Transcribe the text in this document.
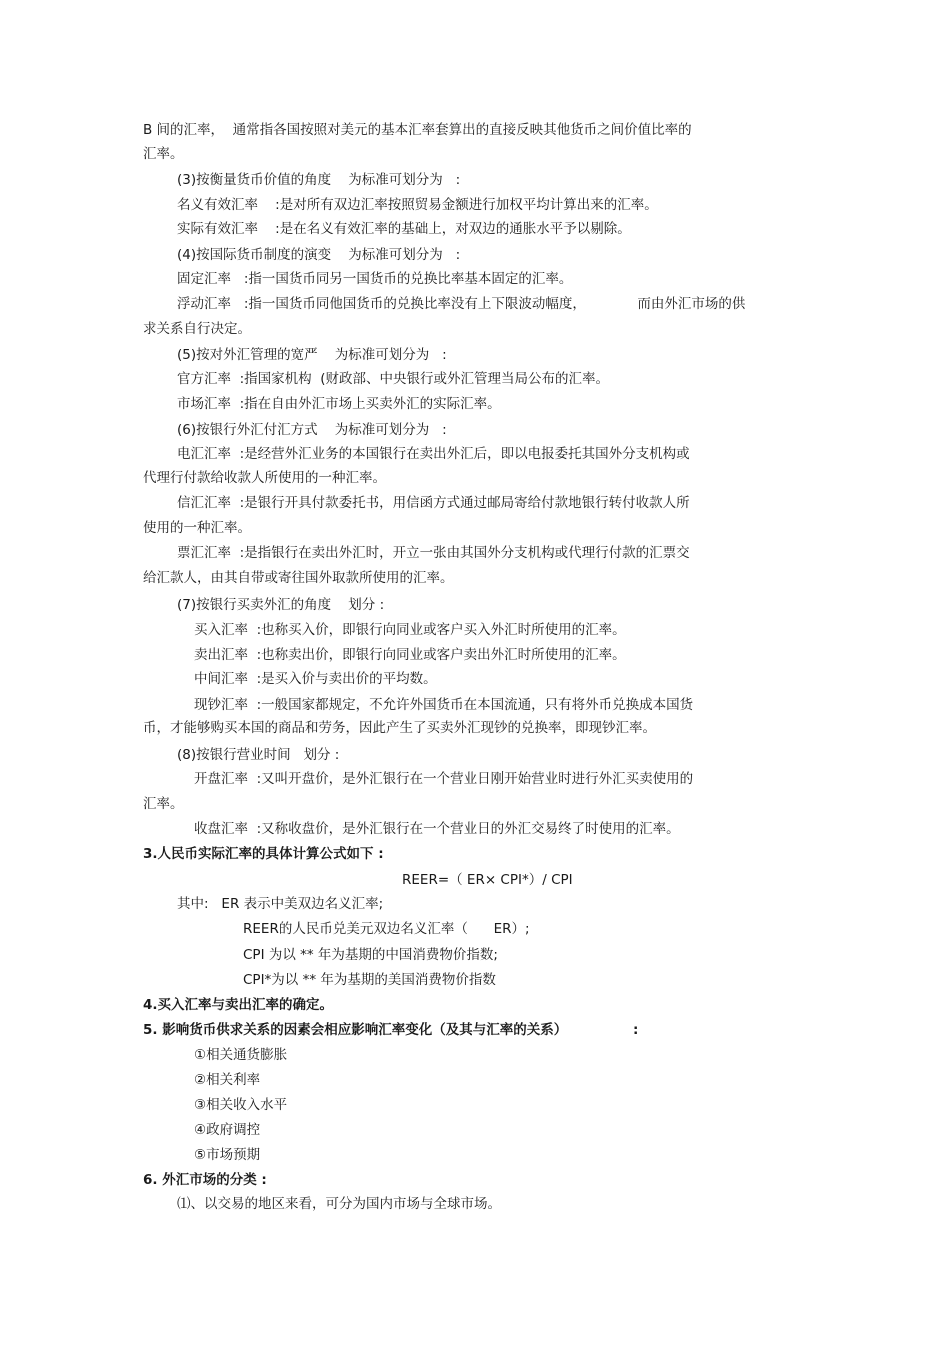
B 间的汇率，  通常指各国按照对美元的基本汇率套算出的直接反映其他货币之间价值比率的
汇率。
(3)按衡量货币价值的角度    为标准可划分为   :
名义有效汇率    :是对所有双边汇率按照贸易金额进行加权平均计算出来的汇率。
实际有效汇率    :是在名义有效汇率的基础上，对双边的通胀水平予以剔除。
(4)按国际货币制度的演变    为标准可划分为   :
固定汇率   :指一国货币同另一国货币的兑换比率基本固定的汇率。
浮动汇率   :指一国货币同他国货币的兑换比率没有上下限波动幅度，            而由外汇市场的供
求关系自行决定。
(5)按对外汇管理的宽严    为标准可划分为   :
官方汇率  :指国家机构  (财政部、中央银行或外汇管理当局公布的汇率。
市场汇率  :指在自由外汇市场上买卖外汇的实际汇率。
(6)按银行外汇付汇方式    为标准可划分为   :
电汇汇率  :是经营外汇业务的本国银行在卖出外汇后，即以电报委托其国外分支机构或
代理行付款给收款人所使用的一种汇率。
信汇汇率  :是银行开具付款委托书，用信函方式通过邮局寄给付款地银行转付收款人所
使用的一种汇率。
票汇汇率  :是指银行在卖出外汇时，开立一张由其国外分支机构或代理行付款的汇票交
给汇款人，由其自带或寄往国外取款所使用的汇率。
(7)按银行买卖外汇的角度    划分 :
买入汇率  :也称买入价，即银行向同业或客户买入外汇时所使用的汇率。
卖出汇率  :也称卖出价，即银行向同业或客户卖出外汇时所使用的汇率。
中间汇率  :是买入价与卖出价的平均数。
现钞汇率  :一般国家都规定，不允许外国货币在本国流通，只有将外币兑换成本国货
币，才能够购买本国的商品和劳务，因此产生了买卖外汇现钞的兑换率，即现钞汇率。
(8)按银行营业时间   划分 :
开盘汇率  :又叫开盘价，是外汇银行在一个营业日刚开始营业时进行外汇买卖使用的
汇率。
收盘汇率  :又称收盘价，是外汇银行在一个营业日的外汇交易终了时使用的汇率。
3.人民币实际汇率的具体计算公式如下 :
REER=（ ER× CPI*）/ CPI
其中:   ER 表示中美双边名义汇率;
REER的人民币兑美元双边名义汇率（      ER）;
CPI 为以 ** 年为基期的中国消费物价指数;
CPI*为以 ** 年为基期的美国消费物价指数
4.买入汇率与卖出汇率的确定。
5. 影响货币供求关系的因素会相应影响汇率变化（及其与汇率的关系）              :
①相关通货膨胀
②相关利率
③相关收入水平
④政府调控
⑤市场预期
6. 外汇市场的分类 :
⑴、以交易的地区来看，可分为国内市场与全球市场。
